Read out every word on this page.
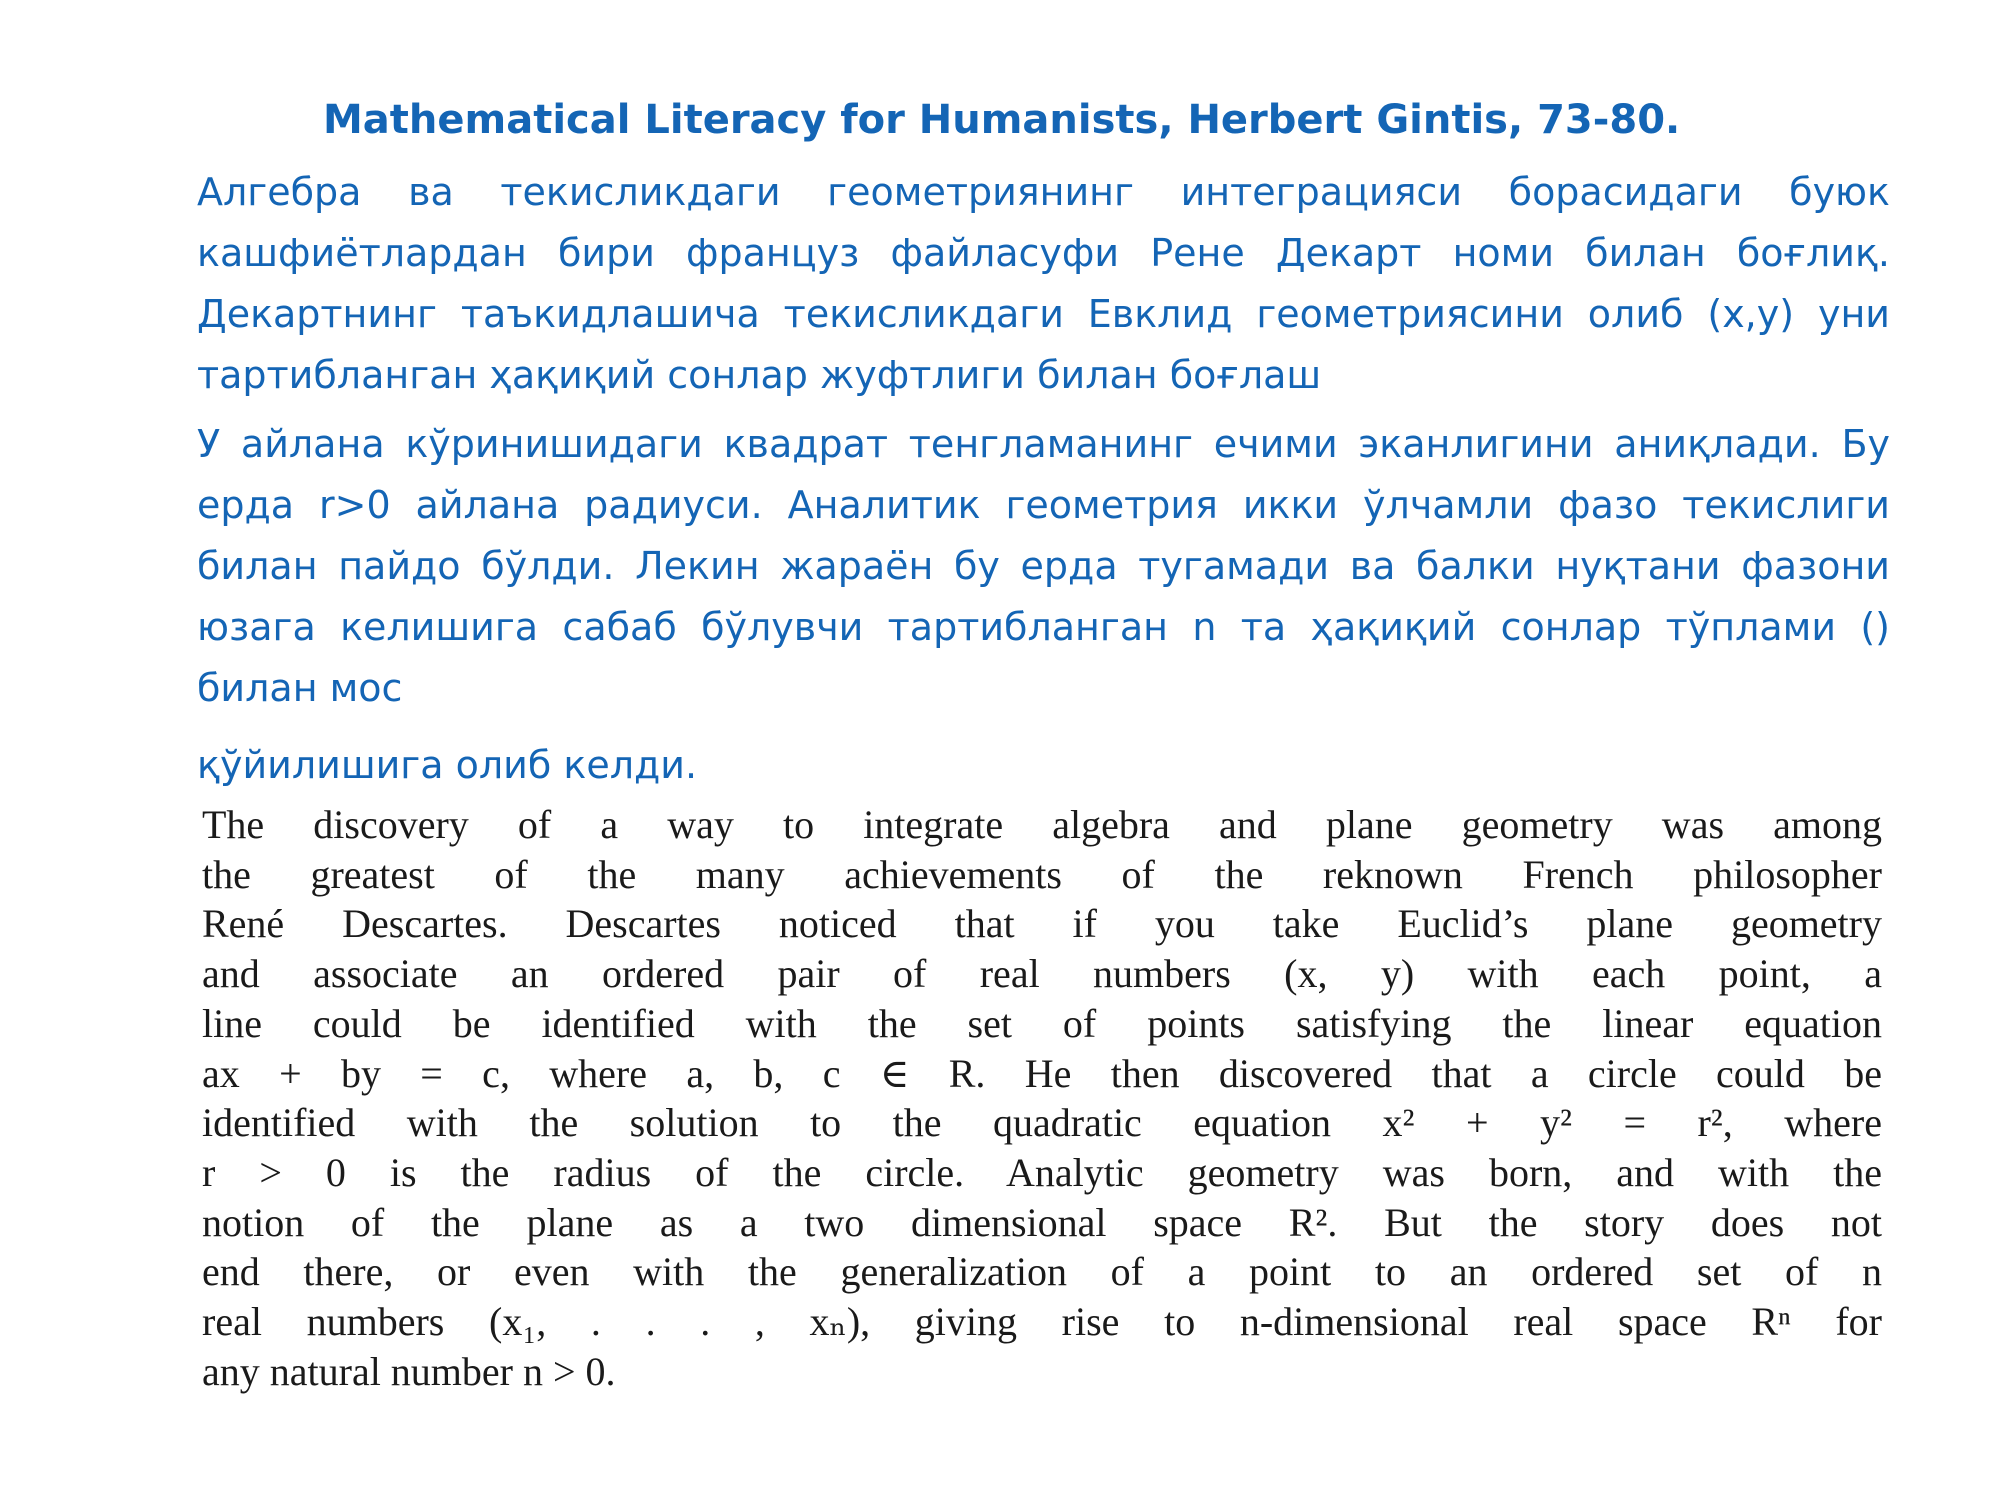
Mathematical Literacy for Humanists, Herbert Gintis, 73-80.

Алгебра ва текисликдаги геометриянинг интеграцияси борасидаги буюк кашфиётлардан бири француз файласуфи Рене Декарт номи билан боғлиқ. Декартнинг таъкидлашича текисликдаги Евклид геометриясини олиб (x,y) уни тартибланган ҳақиқий сонлар жуфтлиги билан боғлаш

У айлана кўринишидаги квадрат тенгламанинг ечими эканлигини аниқлади. Бу ерда r>0 айлана радиуси. Аналитик геометрия икки ўлчамли фазо текислиги билан пайдо бўлди. Лекин жараён бу ерда тугамади ва балки нуқтани фазони юзага келишига сабаб бўлувчи тартибланган n та ҳақиқий сонлар тўплами () билан мос

қўйилишига олиб келди.

The discovery of a way to integrate algebra and plane geometry was among
the greatest of the many achievements of the reknown French philosopher
René Descartes. Descartes noticed that if you take Euclid’s plane geometry
and associate an ordered pair of real numbers (x, y) with each point, a
line could be identified with the set of points satisfying the linear equation
ax + by = c, where a, b, c ∈ R. He then discovered that a circle could be
identified with the solution to the quadratic equation x² + y² = r², where
r > 0 is the radius of the circle. Analytic geometry was born, and with the
notion of the plane as a two dimensional space R². But the story does not
end there, or even with the generalization of a point to an ordered set of n
real numbers (x₁, . . . , xₙ), giving rise to n-dimensional real space Rⁿ for
any natural number n > 0.
